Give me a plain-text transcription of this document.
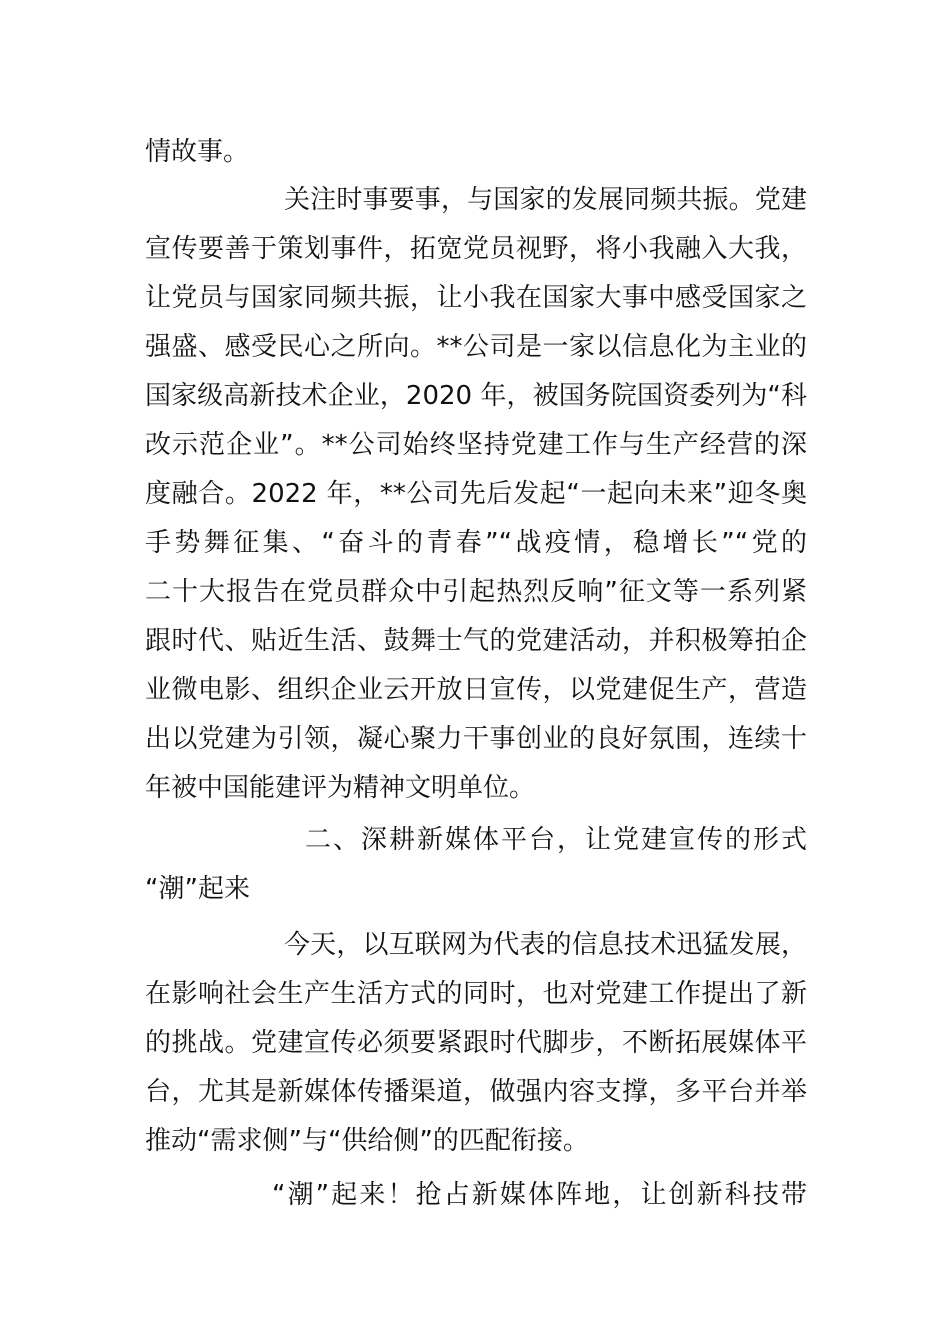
情故事。
关注时事要事，与国家的发展同频共振。党建
宣传要善于策划事件，拓宽党员视野，将小我融入大我，
让党员与国家同频共振，让小我在国家大事中感受国家之
强盛、感受民心之所向。**公司是一家以信息化为主业的
国家级高新技术企业，2020 年，被国务院国资委列为“科
改示范企业”。**公司始终坚持党建工作与生产经营的深
度融合。2022 年，**公司先后发起“一起向未来”迎冬奥
手势舞征集、“奋斗的青春”“战疫情，稳增长”“党的
二十大报告在党员群众中引起热烈反响”征文等一系列紧
跟时代、贴近生活、鼓舞士气的党建活动，并积极筹拍企
业微电影、组织企业云开放日宣传，以党建促生产，营造
出以党建为引领，凝心聚力干事创业的良好氛围，连续十
年被中国能建评为精神文明单位。
二、深耕新媒体平台，让党建宣传的形式
“潮”起来
今天，以互联网为代表的信息技术迅猛发展，
在影响社会生产生活方式的同时，也对党建工作提出了新
的挑战。党建宣传必须要紧跟时代脚步，不断拓展媒体平
台，尤其是新媒体传播渠道，做强内容支撑，多平台并举
推动“需求侧”与“供给侧”的匹配衔接。
“潮”起来！抢占新媒体阵地，让创新科技带
